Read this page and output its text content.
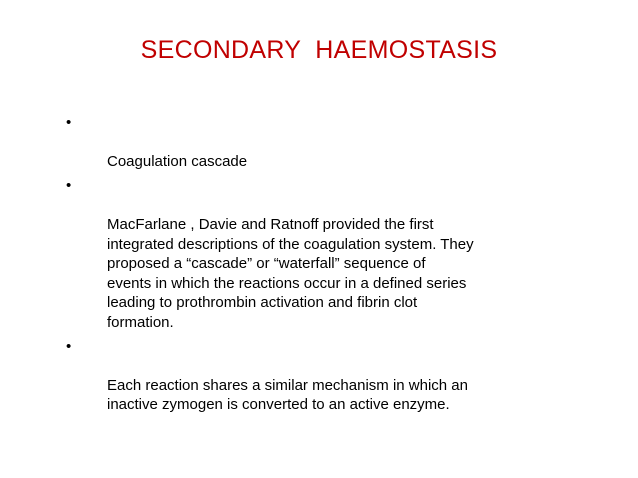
SECONDARY  HAEMOSTASIS

•

Coagulation cascade

•

MacFarlane , Davie and Ratnoff provided the first
integrated descriptions of the coagulation system. They
proposed a “cascade” or “waterfall” sequence of
events in which the reactions occur in a defined series
leading to prothrombin activation and fibrin clot
formation.

•

Each reaction shares a similar mechanism in which an
inactive zymogen is converted to an active enzyme.
